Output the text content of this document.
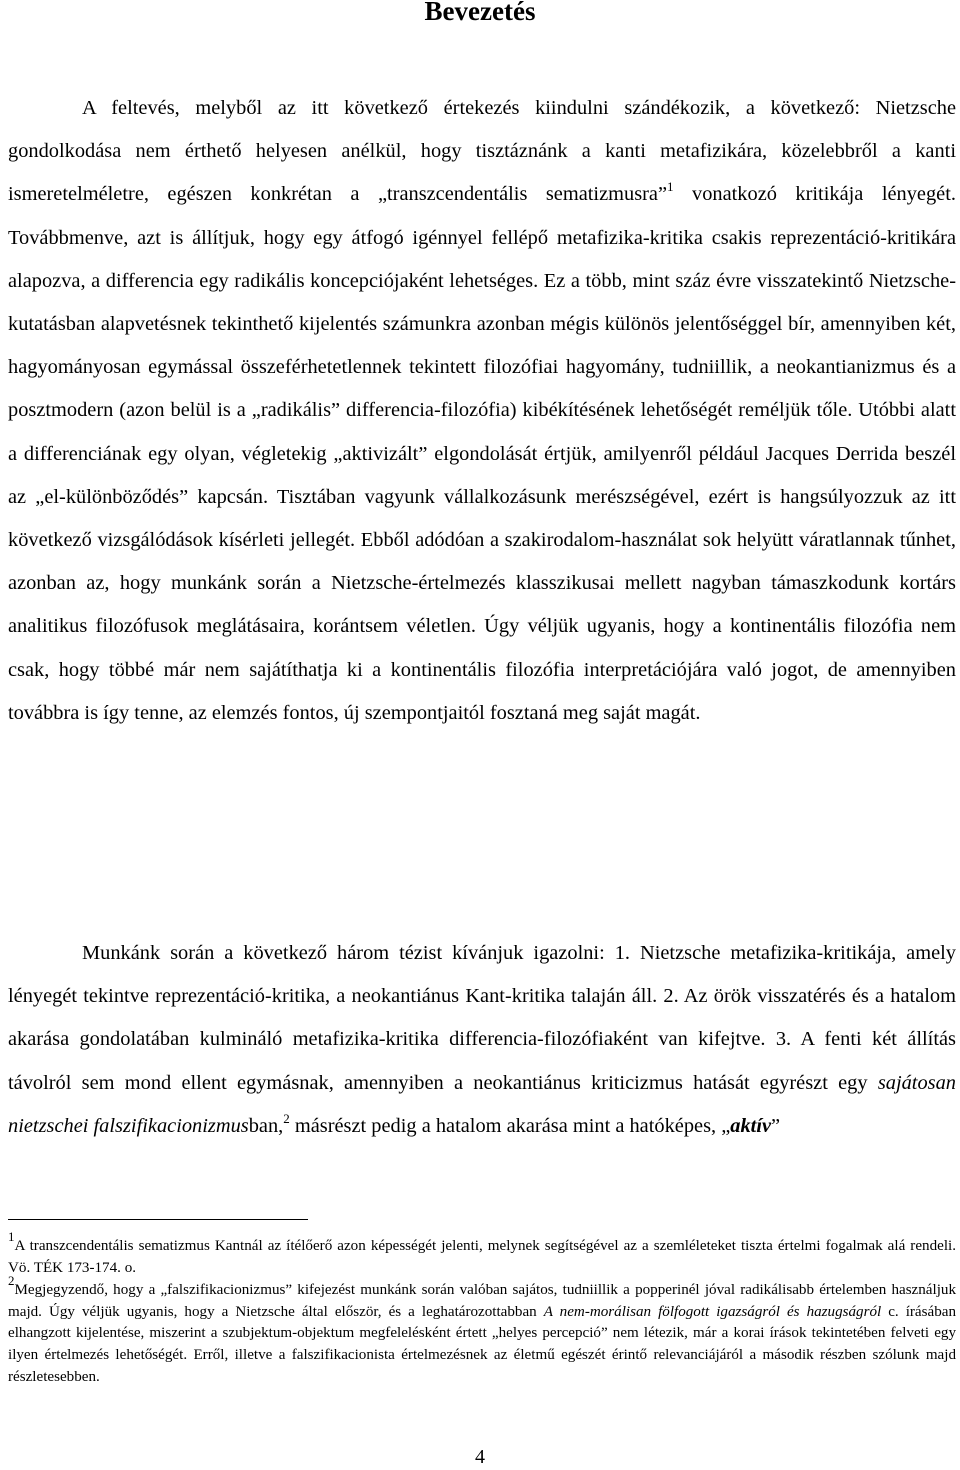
Bevezetés

A feltevés, melyből az itt következő értekezés kiindulni szándékozik, a következő: Nietzsche gondolkodása nem érthető helyesen anélkül, hogy tisztáznánk a kanti metafizikára, közelebbről a kanti ismeretelméletre, egészen konkrétan a „transzcendentális sematizmusra”$^1$ vonatkozó kritikája lényegét. Továbbmenve, azt is állítjuk, hogy egy átfogó igénnyel fellépő metafizika-kritika csakis reprezentáció-kritikára alapozva, a differencia egy radikális koncepciójaként lehetséges. Ez a több, mint száz évre visszatekintő Nietzsche-kutatásban alapvetésnek tekinthető kijelentés számunkra azonban mégis különös jelentőséggel bír, amennyiben két, hagyományosan egymással összeférhetetlennek tekintett filozófiai hagyomány, tudniillik, a neokantianizmus és a posztmodern (azon belül is a „radikális” differencia-filozófia) kibékítésének lehetőségét reméljük tőle. Utóbbi alatt a differenciának egy olyan, végletekig „aktivizált” elgondolását értjük, amilyenről például Jacques Derrida beszél az „el-különböződés” kapcsán. Tisztában vagyunk vállalkozásunk merészségével, ezért is hangsúlyozzuk az itt következő vizsgálódások kísérleti jellegét. Ebből adódóan a szakirodalom-használat sok helyütt váratlannak tűnhet, azonban az, hogy munkánk során a Nietzsche-értelmezés klasszikusai mellett nagyban támaszkodunk kortárs analitikus filozófusok meglátásaira, korántsem véletlen. Úgy véljük ugyanis, hogy a kontinentális filozófia nem csak, hogy többé már nem sajátíthatja ki a kontinentális filozófia interpretációjára való jogot, de amennyiben továbbra is így tenne, az elemzés fontos, új szempontjaitól fosztaná meg saját magát.

Munkánk során a következő három tézist kívánjuk igazolni: 1. Nietzsche metafizika-kritikája, amely lényegét tekintve reprezentáció-kritika, a neokantiánus Kant-kritika talaján áll. 2. Az örök visszatérés és a hatalom akarása gondolatában kulmináló metafizika-kritika differencia-filozófiaként van kifejtve. 3. A fenti két állítás távolról sem mond ellent egymásnak, amennyiben a neokantiánus kriticizmus hatását egyrészt egy sajátosan nietzschei falszifikacionizmusban,$^2$ másrészt pedig a hatalom akarása mint a hatóképes, „aktív”

$^1$A transzcendentális sematizmus Kantnál az ítélőerő azon képességét jelenti, melynek segítségével az a szemléleteket tiszta értelmi fogalmak alá rendeli. Vö. TÉK 173-174. o.

$^2$Megjegyzendő, hogy a „falszifikacionizmus” kifejezést munkánk során valóban sajátos, tudniillik a popperinél jóval radikálisabb értelemben használjuk majd. Úgy véljük ugyanis, hogy a Nietzsche által először, és a leghatározottabban A nem-morálisan fölfogott igazságról és hazugságról c. írásában elhangzott kijelentése, miszerint a szubjektum-objektum megfelelésként értett „helyes percepció” nem létezik, már a korai írások tekintetében felveti egy ilyen értelmezés lehetőségét. Erről, illetve a falszifikacionista értelmezésnek az életmű egészét érintő relevanciájáról a második részben szólunk majd részletesebben.

4
